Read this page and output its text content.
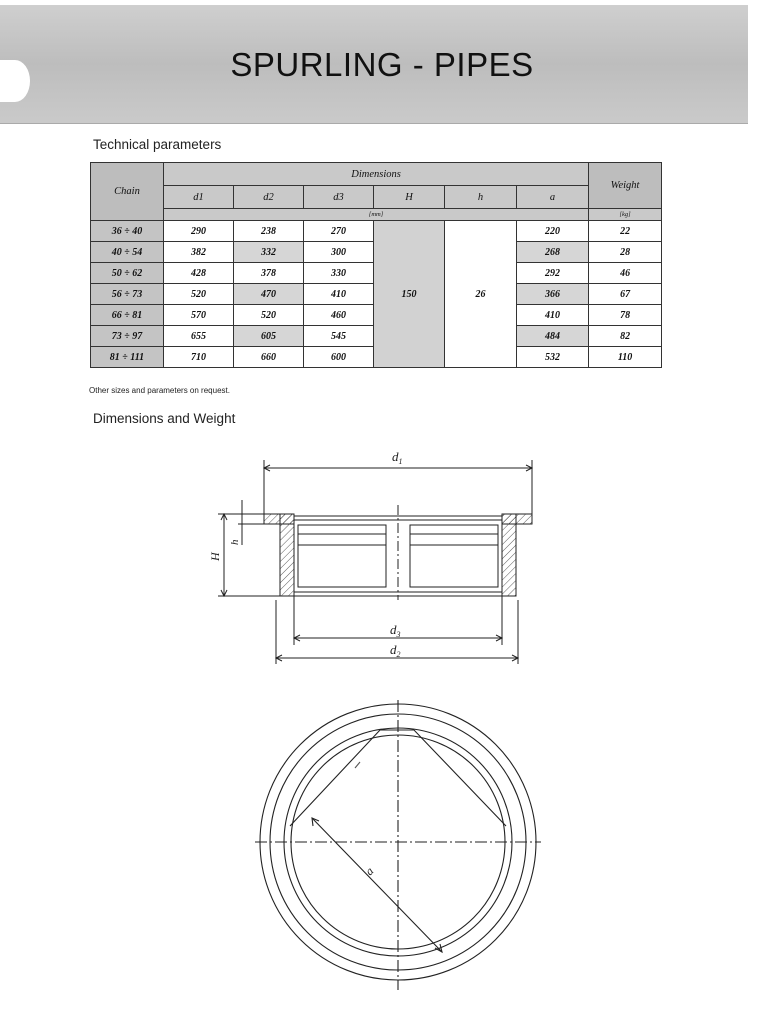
SPURLING - PIPES
Technical parameters
Chain	Dimensions						Weight
	d1	d2	d3	H	h	a	
	[mm]						[kg]
36 ÷ 40	290	238	270	150	26	220	22
40 ÷ 54	382	332	300			268	28
50 ÷ 62	428	378	330			292	46
56 ÷ 73	520	470	410			366	67
66 ÷ 81	570	520	460			410	78
73 ÷ 97	655	605	545			484	82
81 ÷ 111	710	660	600			532	110
Other sizes and parameters on request.
Dimensions and Weight
$d_1$
$d_3$
$d_2$
H
h
a
